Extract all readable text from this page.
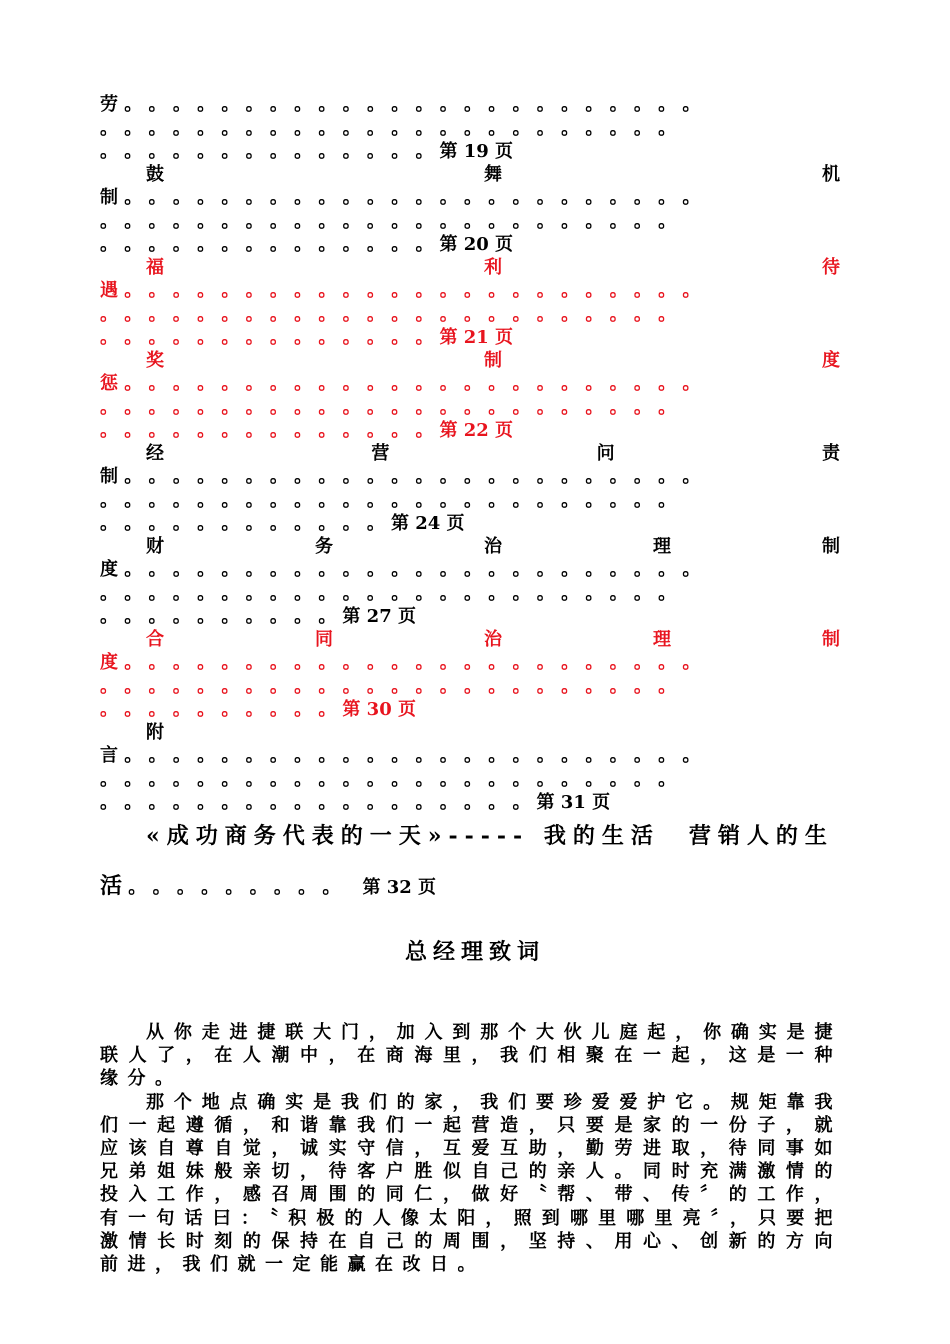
劳 。 。 。 。 。 。 。 。 。 。 。 。 。 。 。 。 。 。 。 。 。 。 。 。
。 。 。 。 。 。 。 。 。 。 。 。 。 。 。 。 。 。 。 。 。 。 。 。
。 。 。 。 。 。 。 。 。 。 。 。 。 。 第 19 页
鼓	舞	机
制 。 。 。 。 。 。 。 。 。 。 。 。 。 。 。 。 。 。 。 。 。 。 。 。
。 。 。 。 。 。 。 。 。 。 。 。 。 。 。 。 。 。 。 。 。 。 。 。
。 。 。 。 。 。 。 。 。 。 。 。 。 。 第 20 页
福	利	待
遇 。 。 。 。 。 。 。 。 。 。 。 。 。 。 。 。 。 。 。 。 。 。 。 。
。 。 。 。 。 。 。 。 。 。 。 。 。 。 。 。 。 。 。 。 。 。 。 。
。 。 。 。 。 。 。 。 。 。 。 。 。 。 第 21 页
奖	制	度
惩 。 。 。 。 。 。 。 。 。 。 。 。 。 。 。 。 。 。 。 。 。 。 。 。
。 。 。 。 。 。 。 。 。 。 。 。 。 。 。 。 。 。 。 。 。 。 。 。
。 。 。 。 。 。 。 。 。 。 。 。 。 。 第 22 页
经	营	问	责
制 。 。 。 。 。 。 。 。 。 。 。 。 。 。 。 。 。 。 。 。 。 。 。 。
。 。 。 。 。 。 。 。 。 。 。 。 。 。 。 。 。 。 。 。 。 。 。 。
。 。 。 。 。 。 。 。 。 。 。 。 第 24 页
财	务	治	理	制
度 。 。 。 。 。 。 。 。 。 。 。 。 。 。 。 。 。 。 。 。 。 。 。 。
。 。 。 。 。 。 。 。 。 。 。 。 。 。 。 。 。 。 。 。 。 。 。 。
。 。 。 。 。 。 。 。 。 。 第 27 页
合	同	治	理	制
度 。 。 。 。 。 。 。 。 。 。 。 。 。 。 。 。 。 。 。 。 。 。 。 。
。 。 。 。 。 。 。 。 。 。 。 。 。 。 。 。 。 。 。 。 。 。 。 。
。 。 。 。 。 。 。 。 。 。 第 30 页
附
言 。 。 。 。 。 。 。 。 。 。 。 。 。 。 。 。 。 。 。 。 。 。 。 。
。 。 。 。 。 。 。 。 。 。 。 。 。 。 。 。 。 。 。 。 。 。 。 。
。 。 。 。 。 。 。 。 。 。 。 。 。 。 。 。 。 。 第 31 页
«成功商务代表的一天»----- 我的生活　营销人的生
活 。 。 。 。 。 。 。 。 。 第 32 页
总经理致词

从你走进捷联大门，加入到那个大伙儿庭起，你确实是捷联人了，在人潮中，在商海里，我们相聚在一起，这是一种缘分。

那个地点确实是我们的家，我们要珍爱爱护它。规矩靠我们一起遵循，和谐靠我们一起营造，只要是家的一份子，就应该自尊自觉，诚实守信，互爱互助，勤劳进取，待同事如兄弟姐妹般亲切，待客户胜似自己的亲人。同时充满激情的投入工作，感召周围的同仁，做好〝帮、带、传〞的工作，有一句话曰：〝积极的人像太阳，照到哪里哪里亮〞，只要把激情长时刻的保持在自己的周围，坚持、用心、创新的方向前进，我们就一定能赢在改日。
